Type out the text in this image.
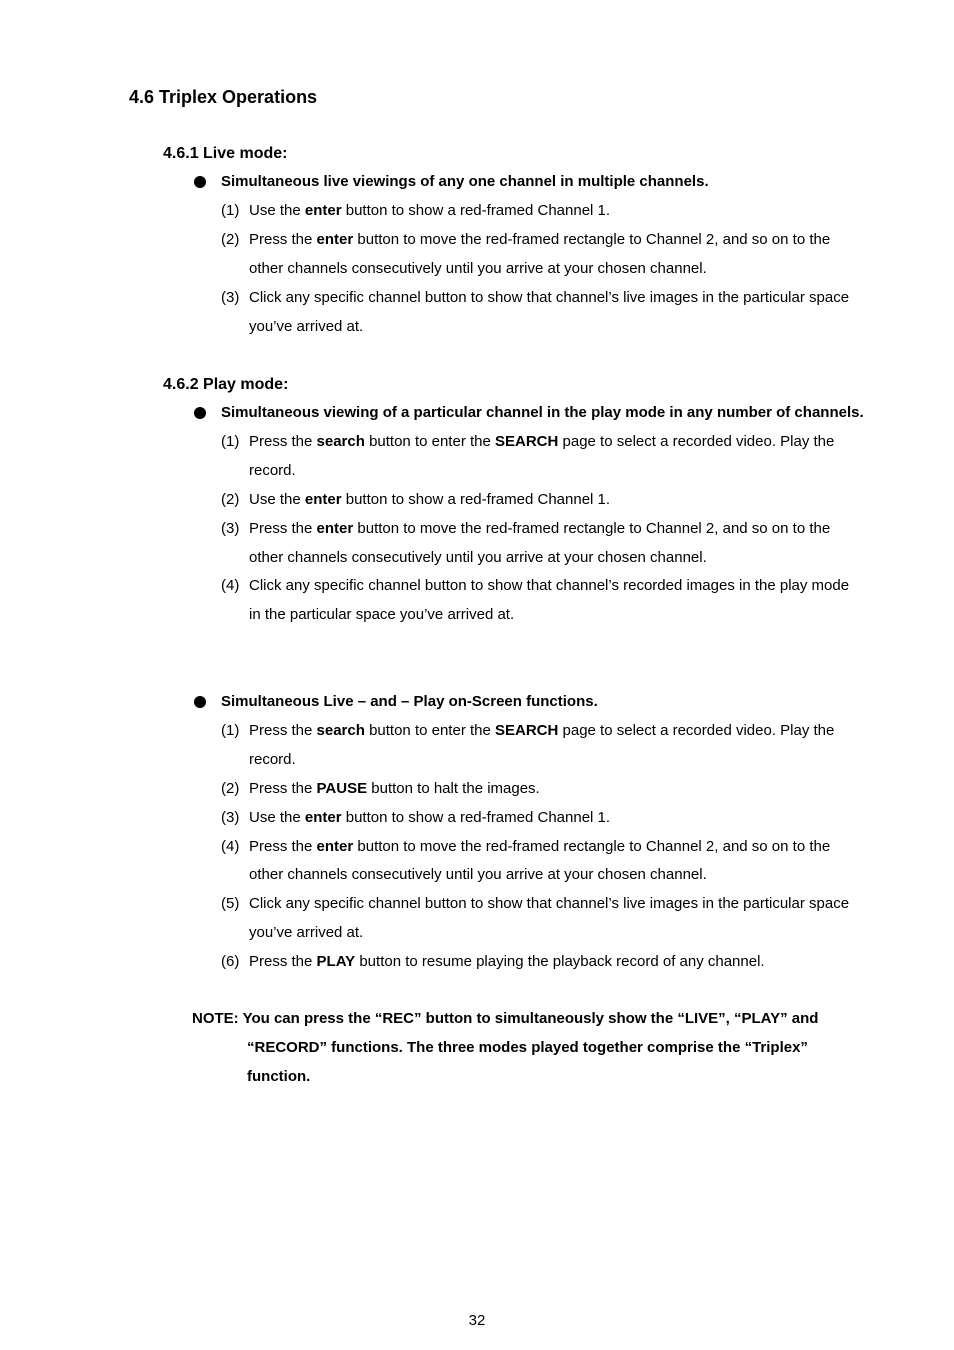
4.6 Triplex Operations
4.6.1 Live mode:
Simultaneous live viewings of any one channel in multiple channels.
(1) Use the enter button to show a red-framed Channel 1.
(2) Press the enter button to move the red-framed rectangle to Channel 2, and so on to the other channels consecutively until you arrive at your chosen channel.
(3) Click any specific channel button to show that channel’s live images in the particular space you’ve arrived at.
4.6.2 Play mode:
Simultaneous viewing of a particular channel in the play mode in any number of channels.
(1) Press the search button to enter the SEARCH page to select a recorded video. Play the record.
(2) Use the enter button to show a red-framed Channel 1.
(3) Press the enter button to move the red-framed rectangle to Channel 2, and so on to the other channels consecutively until you arrive at your chosen channel.
(4) Click any specific channel button to show that channel’s recorded images in the play mode in the particular space you’ve arrived at.
Simultaneous Live – and – Play on-Screen functions.
(1) Press the search button to enter the SEARCH page to select a recorded video. Play the record.
(2) Press the PAUSE button to halt the images.
(3) Use the enter button to show a red-framed Channel 1.
(4) Press the enter button to move the red-framed rectangle to Channel 2, and so on to the other channels consecutively until you arrive at your chosen channel.
(5) Click any specific channel button to show that channel’s live images in the particular space you’ve arrived at.
(6) Press the PLAY button to resume playing the playback record of any channel.
NOTE: You can press the “REC” button to simultaneously show the “LIVE”, “PLAY” and
“RECORD” functions. The three modes played together comprise the “Triplex”
function.
32
